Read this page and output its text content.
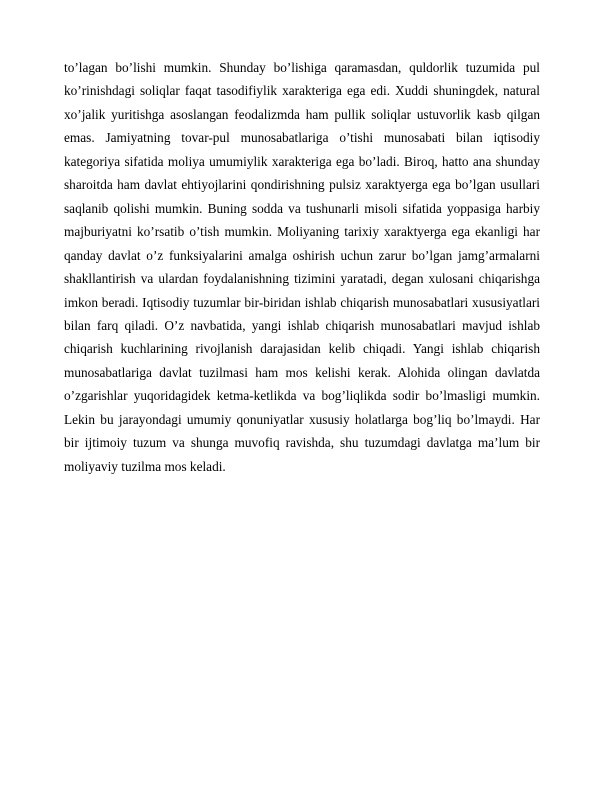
to’lagan bo’lishi mumkin. Shunday bo’lishiga qaramasdan, quldorlik tuzumida pul ko’rinishdagi soliqlar faqat tasodifiylik xarakteriga ega edi. Xuddi shuningdek, natural xo’jalik yuritishga asoslangan feodalizmda ham pullik soliqlar ustuvorlik kasb qilgan emas. Jamiyatning tovar-pul munosabatlariga o’tishi munosabati bilan iqtisodiy kategoriya sifatida moliya umumiylik xarakteriga ega bo’ladi. Biroq, hatto ana shunday sharoitda ham davlat ehtiyojlarini qondirishning pulsiz xaraktyerga ega bo’lgan usullari saqlanib qolishi mumkin. Buning sodda va tushunarli misoli sifatida yoppasiga harbiy majburiyatni ko’rsatib o’tish mumkin. Moliyaning tarixiy xaraktyerga ega ekanligi har qanday davlat o’z funksiyalarini amalga oshirish uchun zarur bo’lgan jamg’armalarni shakllantirish va ulardan foydalanishning tizimini yaratadi, degan xulosani chiqarishga imkon beradi. Iqtisodiy tuzumlar bir-biridan ishlab chiqarish munosabatlari xususiyatlari bilan farq qiladi. O’z navbatida, yangi ishlab chiqarish munosabatlari mavjud ishlab chiqarish kuchlarining rivojlanish darajasidan kelib chiqadi. Yangi ishlab chiqarish munosabatlariga davlat tuzilmasi ham mos kelishi kerak. Alohida olingan davlatda o’zgarishlar yuqoridagidek ketma-ketlikda va bog’liqlikda sodir bo’lmasligi mumkin. Lekin bu jarayondagi umumiy qonuniyatlar xususiy holatlarga bog’liq bo’lmaydi. Har bir ijtimoiy tuzum va shunga muvofiq ravishda, shu tuzumdagi davlatga ma’lum bir moliyaviy tuzilma mos keladi.
